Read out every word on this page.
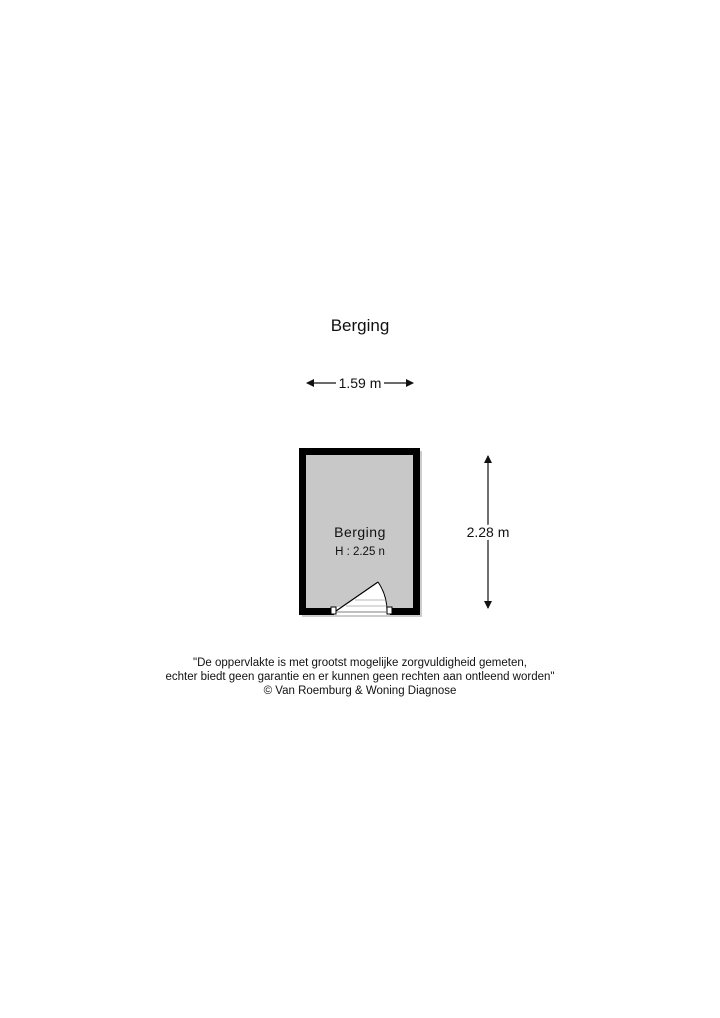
Berging
1.59 m
2.28 m
Berging
H : 2.25 n
"De oppervlakte is met grootst mogelijke zorgvuldigheid gemeten,
echter biedt geen garantie en er kunnen geen rechten aan ontleend worden"
© Van Roemburg & Woning Diagnose
